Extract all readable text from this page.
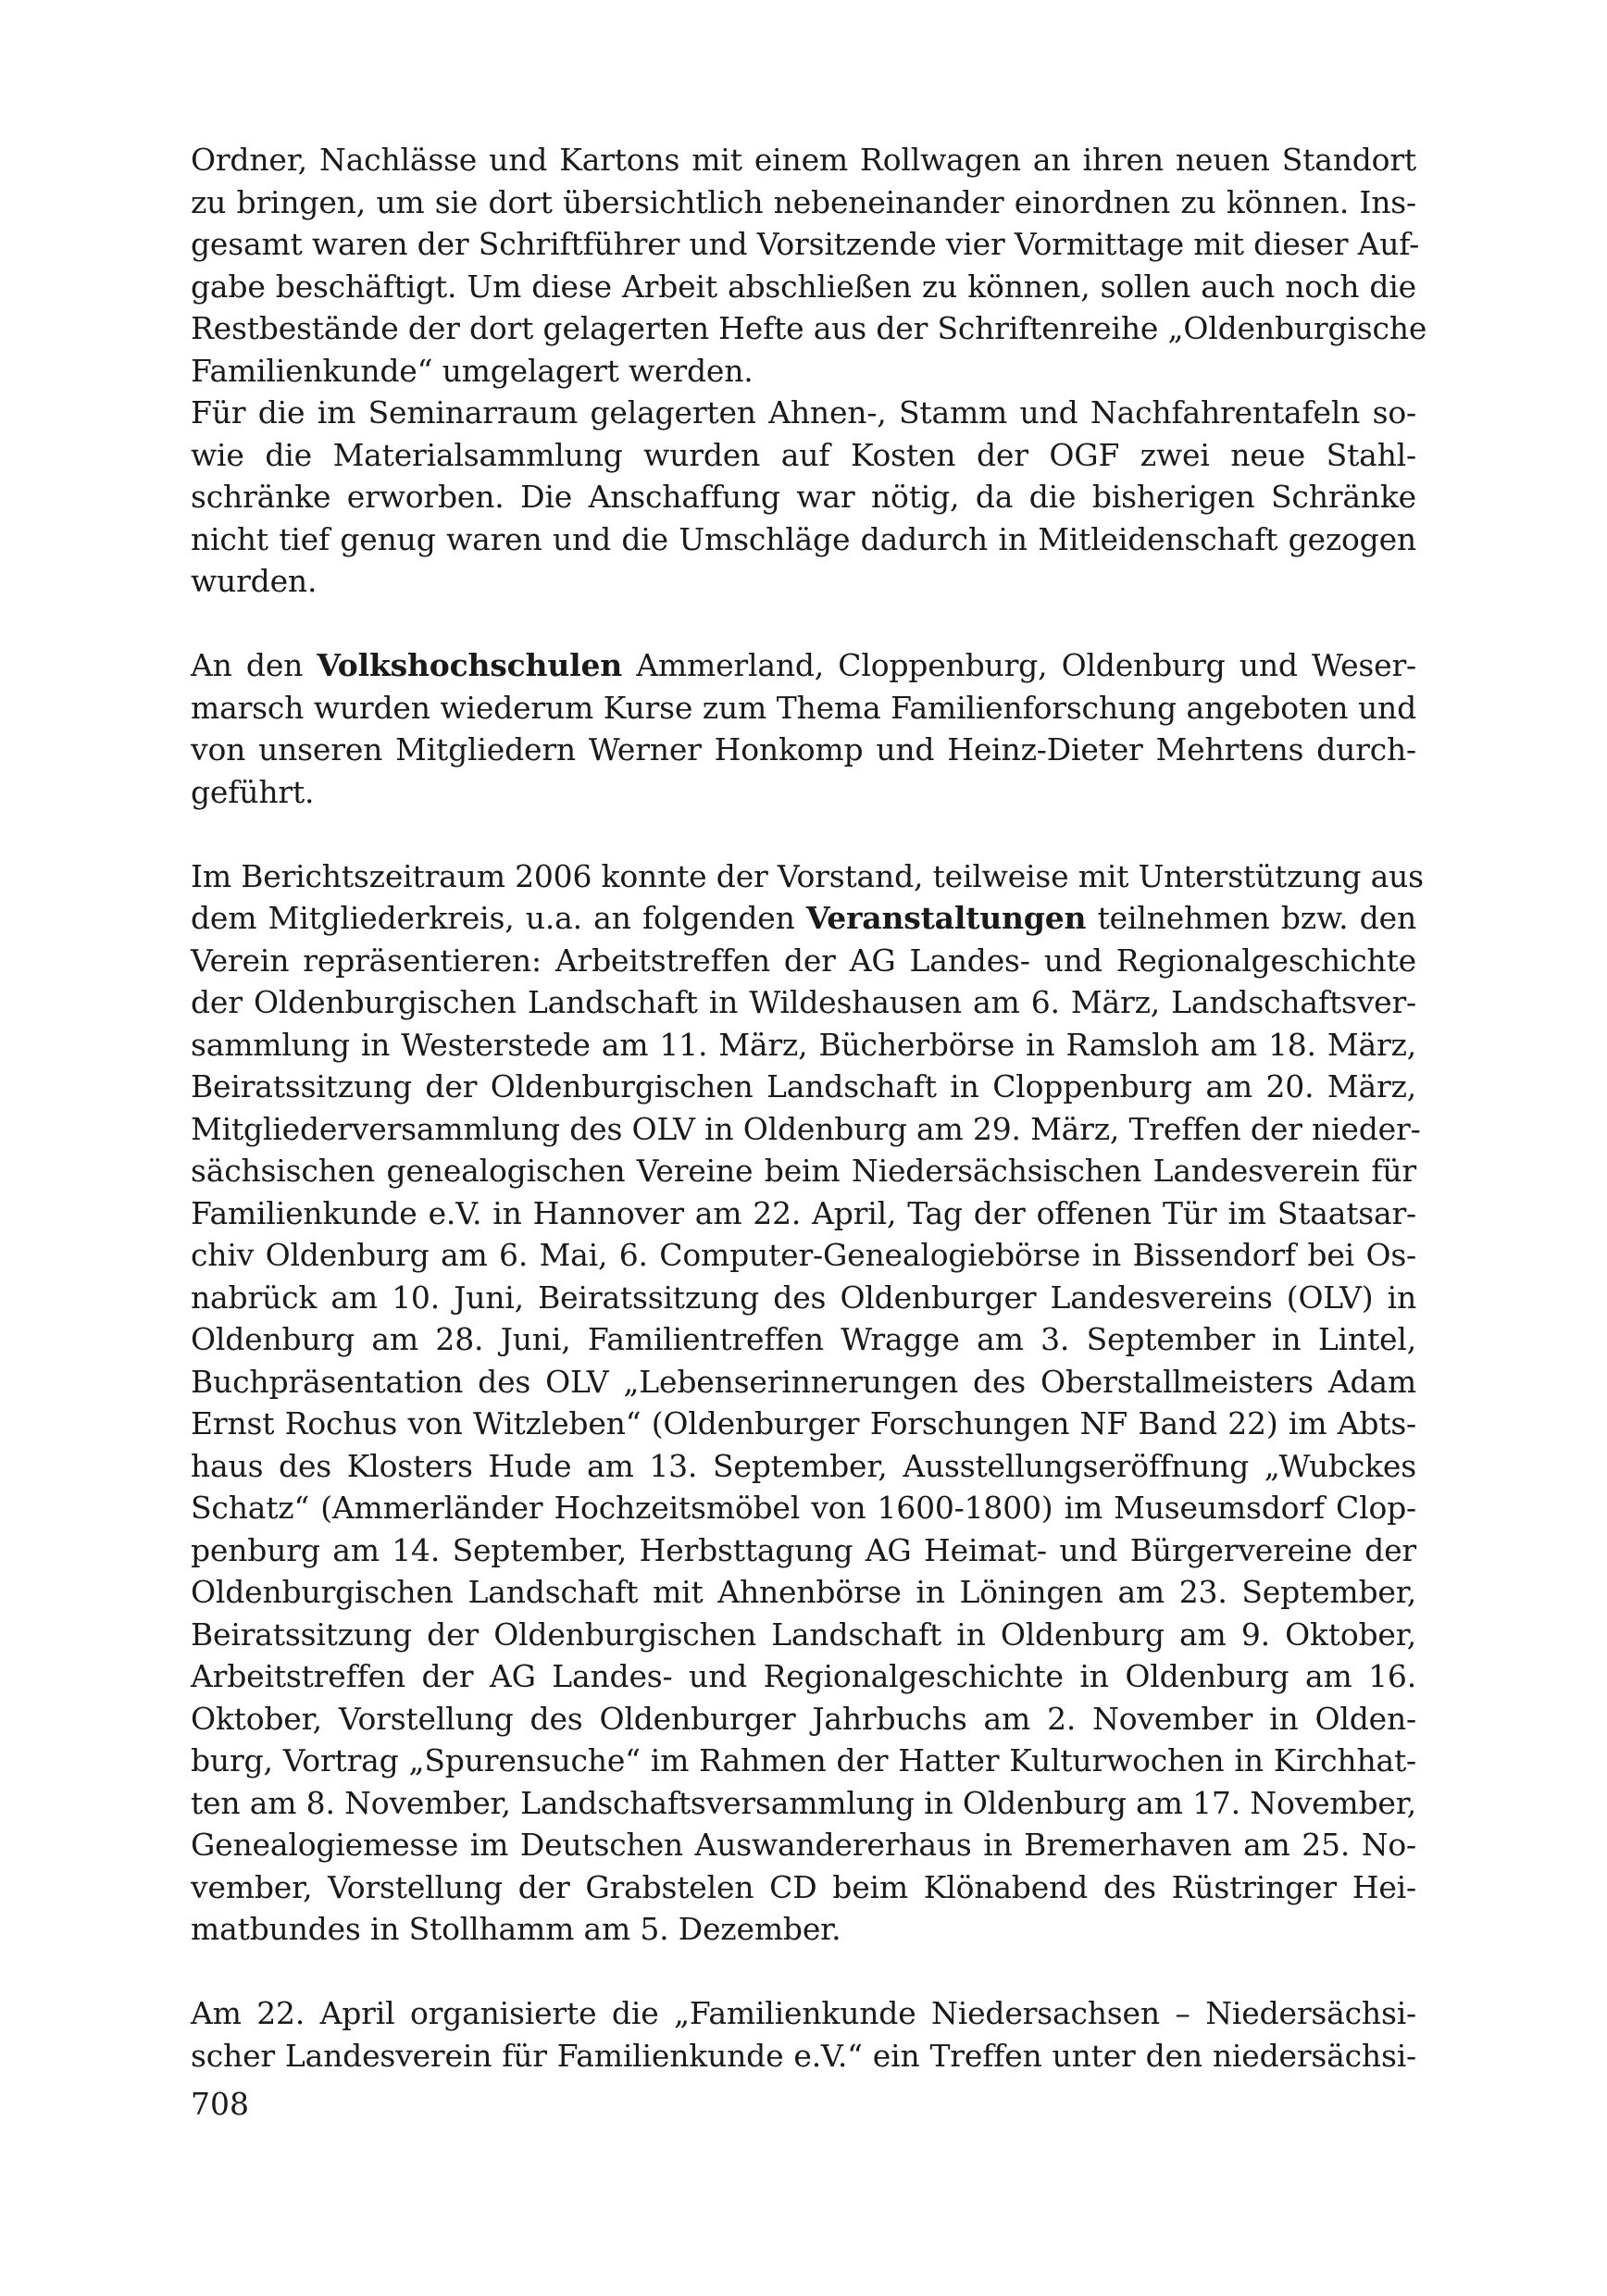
Ordner, Nachlässe und Kartons mit einem Rollwagen an ihren neuen Standort
zu bringen, um sie dort übersichtlich nebeneinander einordnen zu können. Ins-
gesamt waren der Schriftführer und Vorsitzende vier Vormittage mit dieser Auf-
gabe beschäftigt. Um diese Arbeit abschließen zu können, sollen auch noch die
Restbestände der dort gelagerten Hefte aus der Schriftenreihe „Oldenburgische
Familienkunde“ umgelagert werden.
Für die im Seminarraum gelagerten Ahnen-, Stamm und Nachfahrentafeln so-
wie die Materialsammlung wurden auf Kosten der OGF zwei neue Stahl-
schränke erworben. Die Anschaffung war nötig, da die bisherigen Schränke
nicht tief genug waren und die Umschläge dadurch in Mitleidenschaft gezogen
wurden.
An den Volkshochschulen Ammerland, Cloppenburg, Oldenburg und Weser-
marsch wurden wiederum Kurse zum Thema Familienforschung angeboten und
von unseren Mitgliedern Werner Honkomp und Heinz-Dieter Mehrtens durch-
geführt.
Im Berichtszeitraum 2006 konnte der Vorstand, teilweise mit Unterstützung aus
dem Mitgliederkreis, u.a. an folgenden Veranstaltungen teilnehmen bzw. den
Verein repräsentieren: Arbeitstreffen der AG Landes- und Regionalgeschichte
der Oldenburgischen Landschaft in Wildeshausen am 6. März, Landschaftsver-
sammlung in Westerstede am 11. März, Bücherbörse in Ramsloh am 18. März,
Beiratssitzung der Oldenburgischen Landschaft in Cloppenburg am 20. März,
Mitgliederversammlung des OLV in Oldenburg am 29. März, Treffen der nieder-
sächsischen genealogischen Vereine beim Niedersächsischen Landesverein für
Familienkunde e.V. in Hannover am 22. April, Tag der offenen Tür im Staatsar-
chiv Oldenburg am 6. Mai, 6. Computer-Genealogiebörse in Bissendorf bei Os-
nabrück am 10. Juni, Beiratssitzung des Oldenburger Landesvereins (OLV) in
Oldenburg am 28. Juni, Familientreffen Wragge am 3. September in Lintel,
Buchpräsentation des OLV „Lebenserinnerungen des Oberstallmeisters Adam
Ernst Rochus von Witzleben“ (Oldenburger Forschungen NF Band 22) im Abts-
haus des Klosters Hude am 13. September, Ausstellungseröffnung „Wubckes
Schatz“ (Ammerländer Hochzeitsmöbel von 1600-1800) im Museumsdorf Clop-
penburg am 14. September, Herbsttagung AG Heimat- und Bürgervereine der
Oldenburgischen Landschaft mit Ahnenbörse in Löningen am 23. September,
Beiratssitzung der Oldenburgischen Landschaft in Oldenburg am 9. Oktober,
Arbeitstreffen der AG Landes- und Regionalgeschichte in Oldenburg am 16.
Oktober, Vorstellung des Oldenburger Jahrbuchs am 2. November in Olden-
burg, Vortrag „Spurensuche“ im Rahmen der Hatter Kulturwochen in Kirchhat-
ten am 8. November, Landschaftsversammlung in Oldenburg am 17. November,
Genealogiemesse im Deutschen Auswandererhaus in Bremerhaven am 25. No-
vember, Vorstellung der Grabstelen CD beim Klönabend des Rüstringer Hei-
matbundes in Stollhamm am 5. Dezember.
Am 22. April organisierte die „Familienkunde Niedersachsen – Niedersächsi-
scher Landesverein für Familienkunde e.V.“ ein Treffen unter den niedersächsi-
708
